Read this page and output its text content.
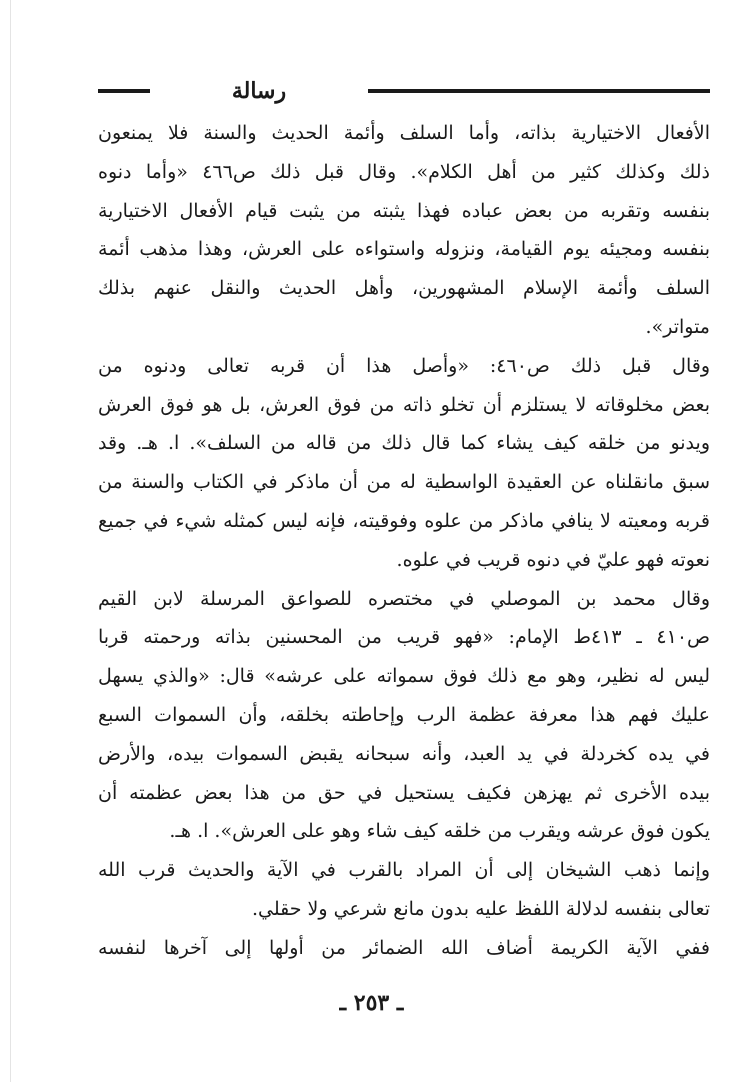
رسالة
الأفعال الاختيارية بذاته، وأما السلف وأئمة الحديث والسنة فلا يمنعون
ذلك وكذلك كثير من أهل الكلام». وقال قبل ذلك ص٤٦٦ «وأما دنوه
بنفسه وتقربه من بعض عباده فهذا يثبته من يثبت قيام الأفعال الاختيارية
بنفسه ومجيئه يوم القيامة، ونزوله واستواءه على العرش، وهذا مذهب أئمة
السلف وأئمة الإسلام المشهورين، وأهل الحديث والنقل عنهم بذلك
متواتر».
وقال قبل ذلك ص٤٦٠: «وأصل هذا أن قربه تعالى ودنوه من
بعض مخلوقاته لا يستلزم أن تخلو ذاته من فوق العرش، بل هو فوق العرش
ويدنو من خلقه كيف يشاء كما قال ذلك من قاله من السلف». ا. هـ. وقد
سبق مانقلناه عن العقيدة الواسطية له من أن ماذكر في الكتاب والسنة من
قربه ومعيته لا ينافي ماذكر من علوه وفوقيته، فإنه ليس كمثله شيء في جميع
نعوته فهو عليّ في دنوه قريب في علوه.
وقال محمد بن الموصلي في مختصره للصواعق المرسلة لابن القيم
ص٤١٠ ـ ٤١٣ط الإمام: «فهو قريب من المحسنين بذاته ورحمته قربا
ليس له نظير، وهو مع ذلك فوق سمواته على عرشه» قال: «والذي يسهل
عليك فهم هذا معرفة عظمة الرب وإحاطته بخلقه، وأن السموات السبع
في يده كخردلة في يد العبد، وأنه سبحانه يقبض السموات بيده، والأرض
بيده الأخرى ثم يهزهن فكيف يستحيل في حق من هذا بعض عظمته أن
يكون فوق عرشه ويقرب من خلقه كيف شاء وهو على العرش». ا. هـ.
وإنما ذهب الشيخان إلى أن المراد بالقرب في الآية والحديث قرب الله
تعالى بنفسه لدلالة اللفظ عليه بدون مانع شرعي ولا حقلي.
ففي الآية الكريمة أضاف الله الضمائر من أولها إلى آخرها لنفسه
ـ ٢٥٣ ـ
